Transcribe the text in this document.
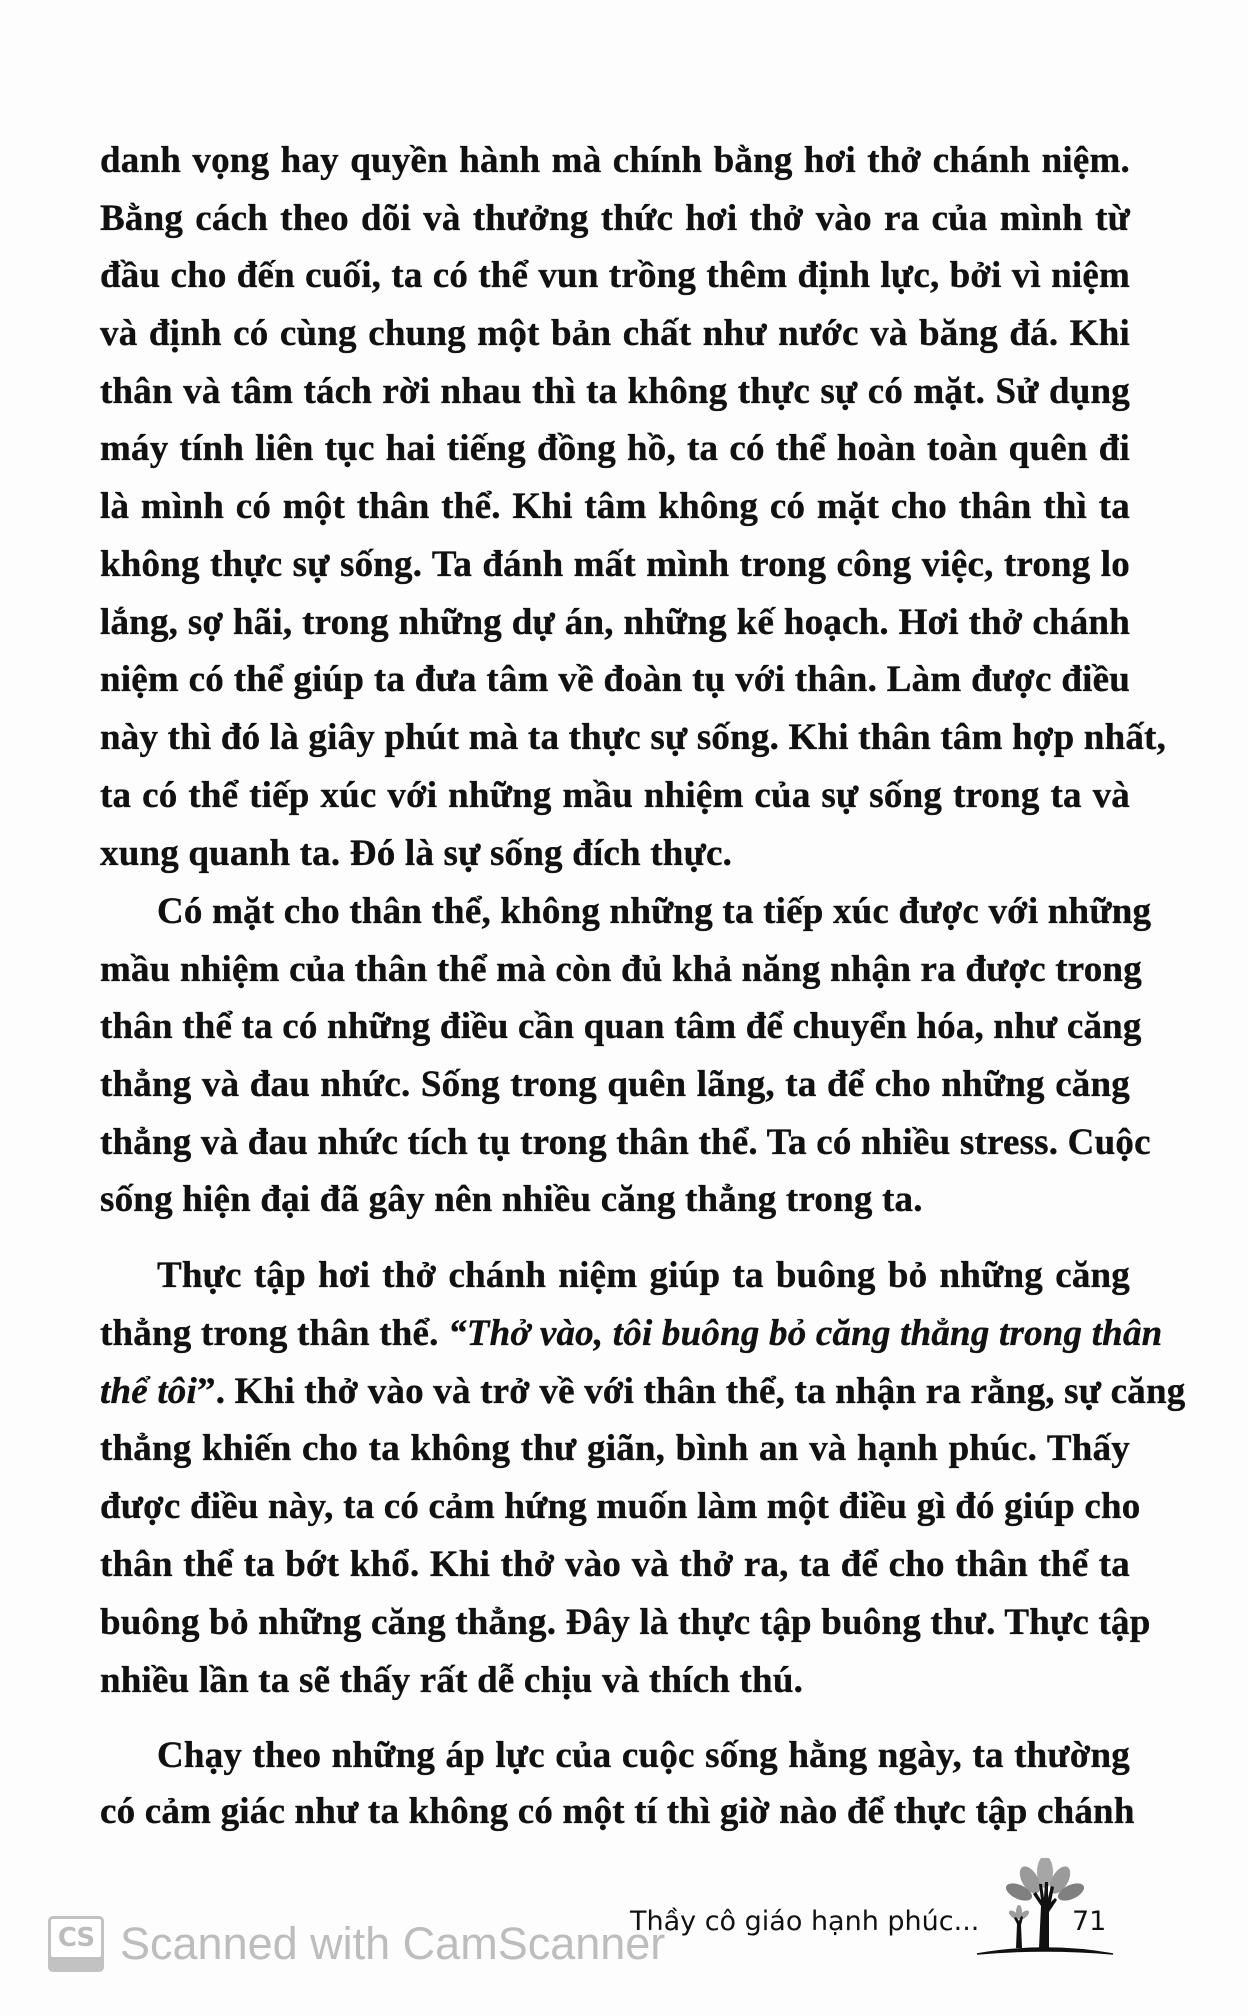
danh vọng hay quyền hành mà chính bằng hơi thở chánh niệm.
Bằng cách theo dõi và thưởng thức hơi thở vào ra của mình từ
đầu cho đến cuối, ta có thể vun trồng thêm định lực, bởi vì niệm
và định có cùng chung một bản chất như nước và băng đá. Khi
thân và tâm tách rời nhau thì ta không thực sự có mặt. Sử dụng
máy tính liên tục hai tiếng đồng hồ, ta có thể hoàn toàn quên đi
là mình có một thân thể. Khi tâm không có mặt cho thân thì ta
không thực sự sống. Ta đánh mất mình trong công việc, trong lo
lắng, sợ hãi, trong những dự án, những kế hoạch. Hơi thở chánh
niệm có thể giúp ta đưa tâm về đoàn tụ với thân. Làm được điều
này thì đó là giây phút mà ta thực sự sống. Khi thân tâm hợp nhất,
ta có thể tiếp xúc với những mầu nhiệm của sự sống trong ta và
xung quanh ta. Đó là sự sống đích thực.
Có mặt cho thân thể, không những ta tiếp xúc được với những
mầu nhiệm của thân thể mà còn đủ khả năng nhận ra được trong
thân thể ta có những điều cần quan tâm để chuyển hóa, như căng
thẳng và đau nhức. Sống trong quên lãng, ta để cho những căng
thẳng và đau nhức tích tụ trong thân thể. Ta có nhiều stress. Cuộc
sống hiện đại đã gây nên nhiều căng thẳng trong ta.
Thực tập hơi thở chánh niệm giúp ta buông bỏ những căng
thẳng trong thân thể. “Thở vào, tôi buông bỏ căng thẳng trong thân
thể tôi”. Khi thở vào và trở về với thân thể, ta nhận ra rằng, sự căng
thẳng khiến cho ta không thư giãn, bình an và hạnh phúc. Thấy
được điều này, ta có cảm hứng muốn làm một điều gì đó giúp cho
thân thể ta bớt khổ. Khi thở vào và thở ra, ta để cho thân thể ta
buông bỏ những căng thẳng. Đây là thực tập buông thư. Thực tập
nhiều lần ta sẽ thấy rất dễ chịu và thích thú.
Chạy theo những áp lực của cuộc sống hằng ngày, ta thường
có cảm giác như ta không có một tí thì giờ nào để thực tập chánh
Thầy cô giáo hạnh phúc...	71
CS Scanned with CamScanner
